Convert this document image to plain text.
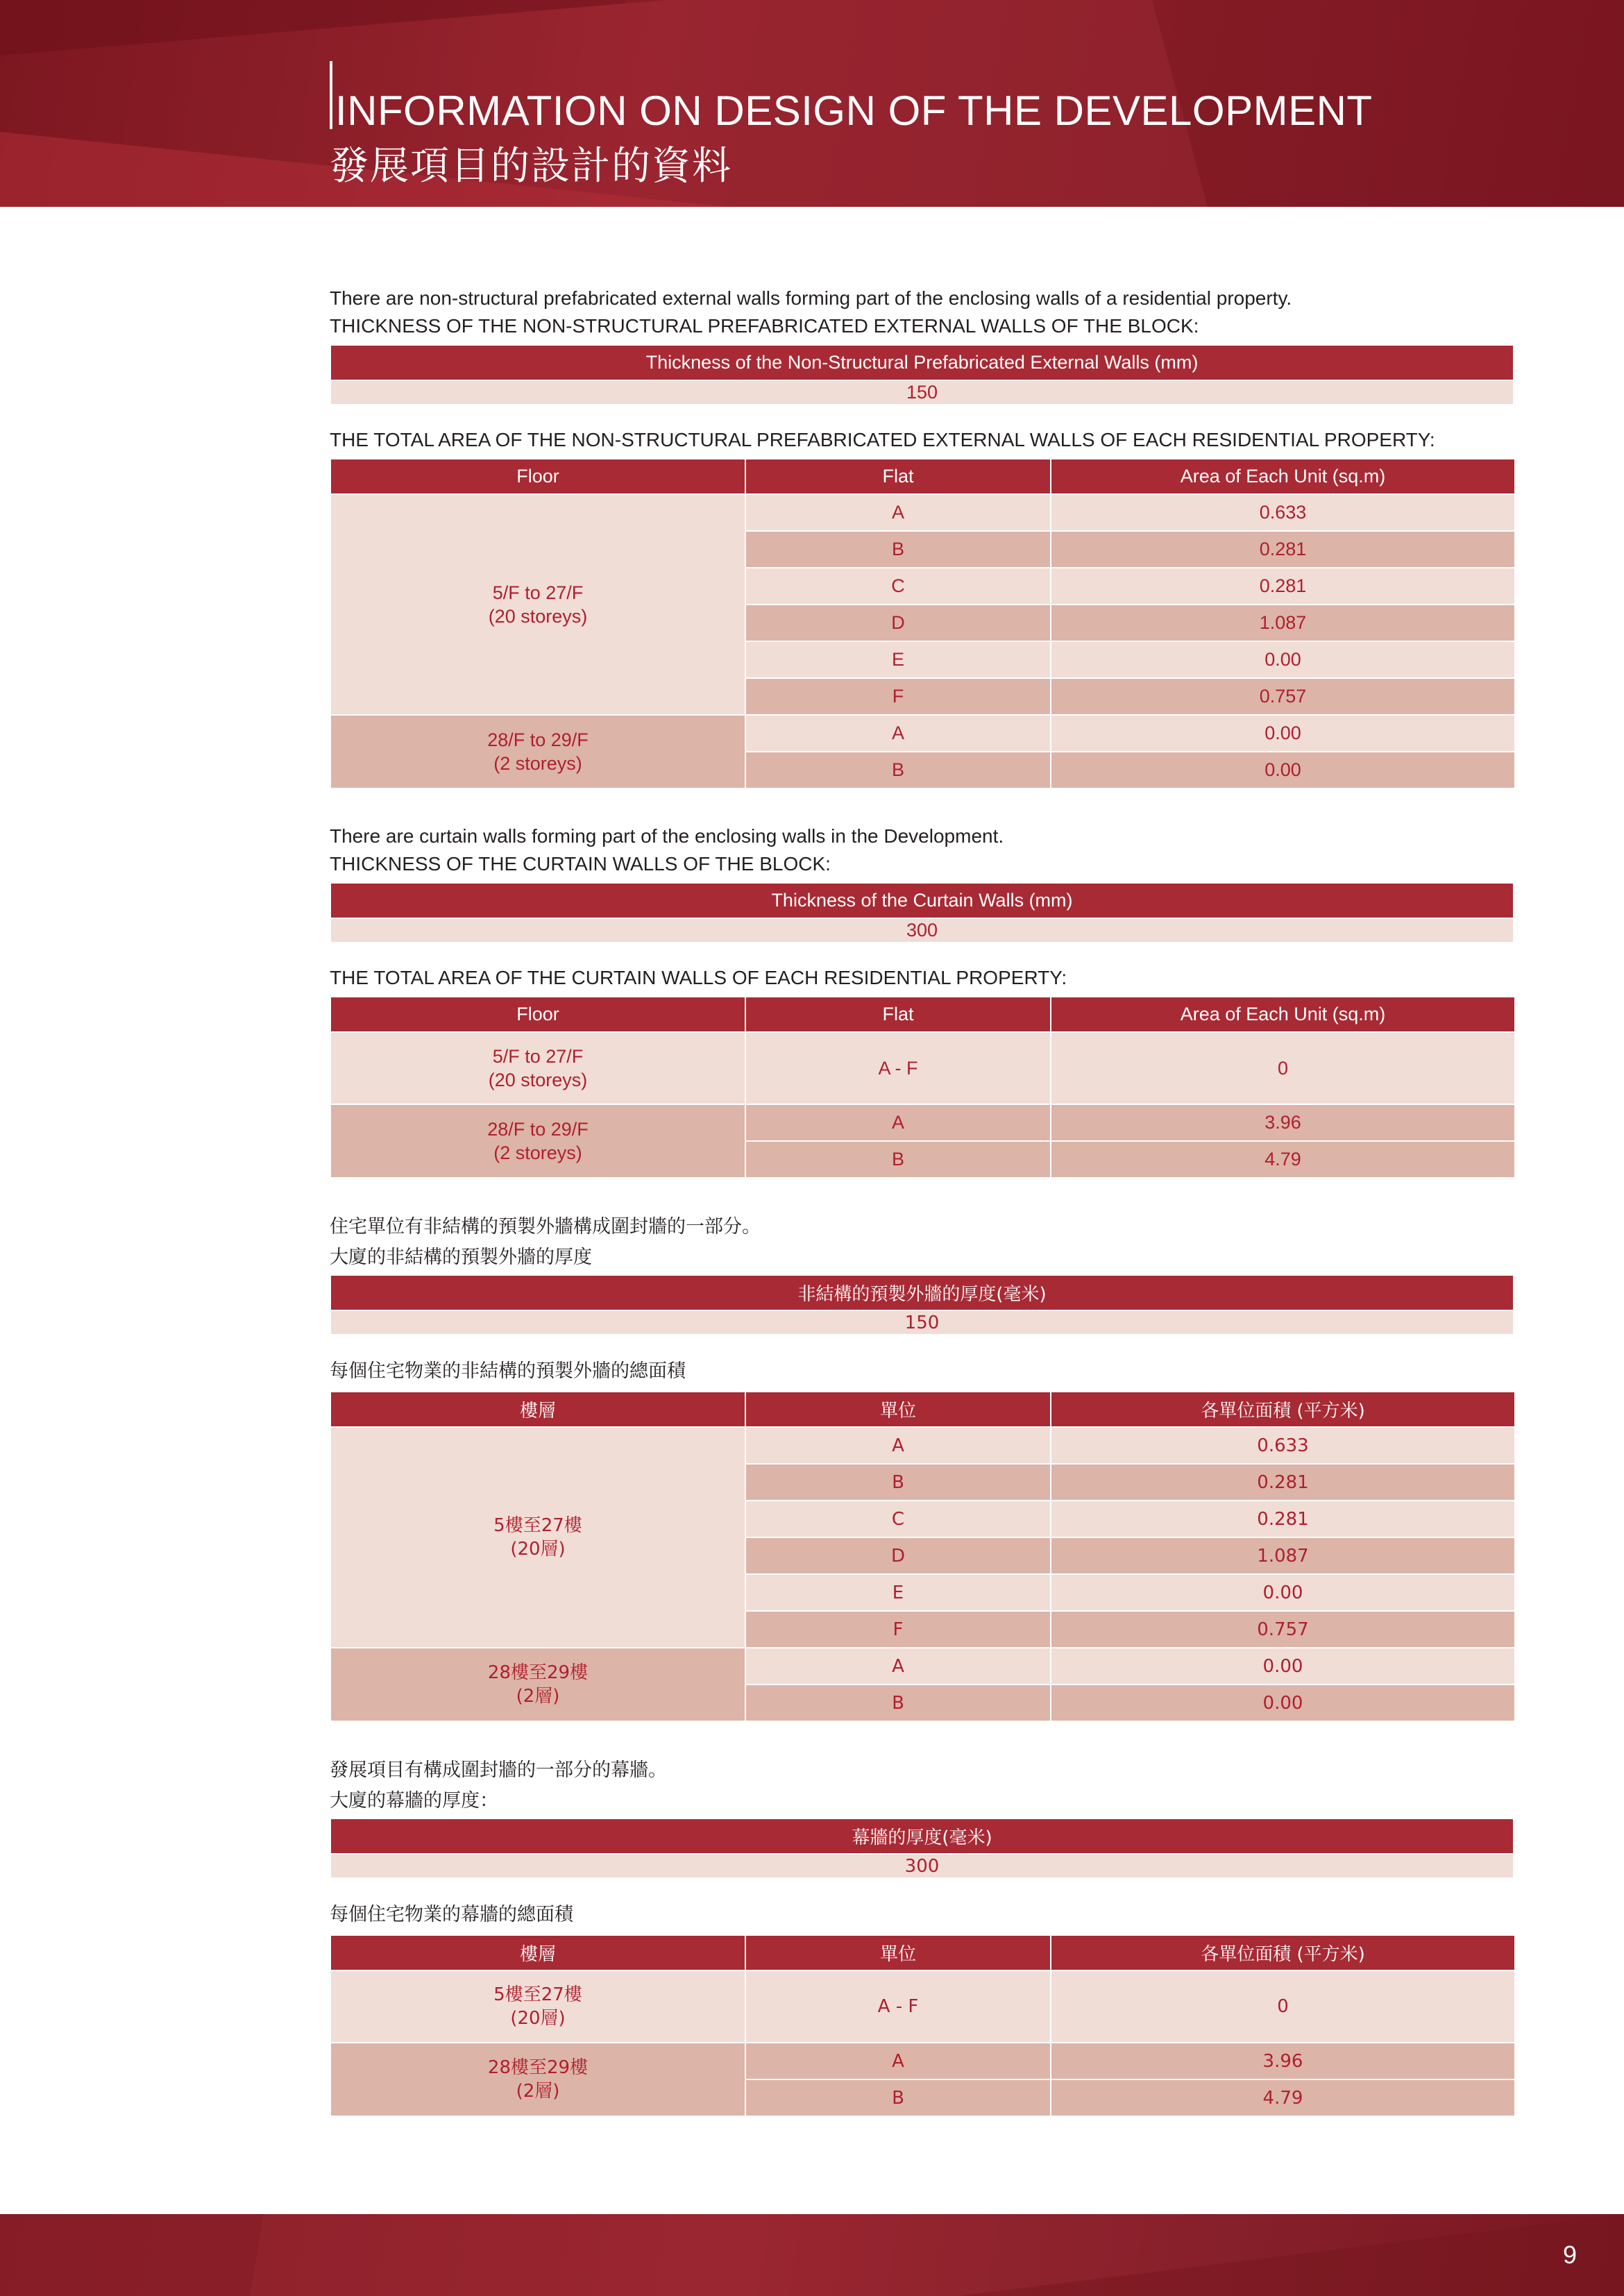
INFORMATION ON DESIGN OF THE DEVELOPMENT
發展項目的設計的資料
There are non-structural prefabricated external walls forming part of the enclosing walls of a residential property.
THICKNESS OF THE NON-STRUCTURAL PREFABRICATED EXTERNAL WALLS OF THE BLOCK:
Thickness of the Non-Structural Prefabricated External Walls (mm)
150
THE TOTAL AREA OF THE NON-STRUCTURAL PREFABRICATED EXTERNAL WALLS OF EACH RESIDENTIAL PROPERTY:
Floor	Flat	Area of Each Unit (sq.m)
5/F to 27/F
(20 storeys)	A	0.633
	B	0.281
	C	0.281
	D	1.087
	E	0.00
	F	0.757
28/F to 29/F
(2 storeys)	A	0.00
	B	0.00
There are curtain walls forming part of the enclosing walls in the Development.
THICKNESS OF THE CURTAIN WALLS OF THE BLOCK:
Thickness of the Curtain Walls (mm)
300
THE TOTAL AREA OF THE CURTAIN WALLS OF EACH RESIDENTIAL PROPERTY:
Floor	Flat	Area of Each Unit (sq.m)
5/F to 27/F
(20 storeys)	A - F	0
28/F to 29/F
(2 storeys)	A	3.96
	B	4.79
住宅單位有非結構的預製外牆構成圍封牆的一部分。
大廈的非結構的預製外牆的厚度
非結構的預製外牆的厚度(毫米)
150
每個住宅物業的非結構的預製外牆的總面積
樓層	單位	各單位面積 (平方米)
5樓至27樓
(20層)	A	0.633
	B	0.281
	C	0.281
	D	1.087
	E	0.00
	F	0.757
28樓至29樓
(2層)	A	0.00
	B	0.00
發展項目有構成圍封牆的一部分的幕牆。
大廈的幕牆的厚度：
幕牆的厚度(毫米)
300
每個住宅物業的幕牆的總面積
樓層	單位	各單位面積 (平方米)
5樓至27樓
(20層)	A - F	0
28樓至29樓
(2層)	A	3.96
	B	4.79
9
